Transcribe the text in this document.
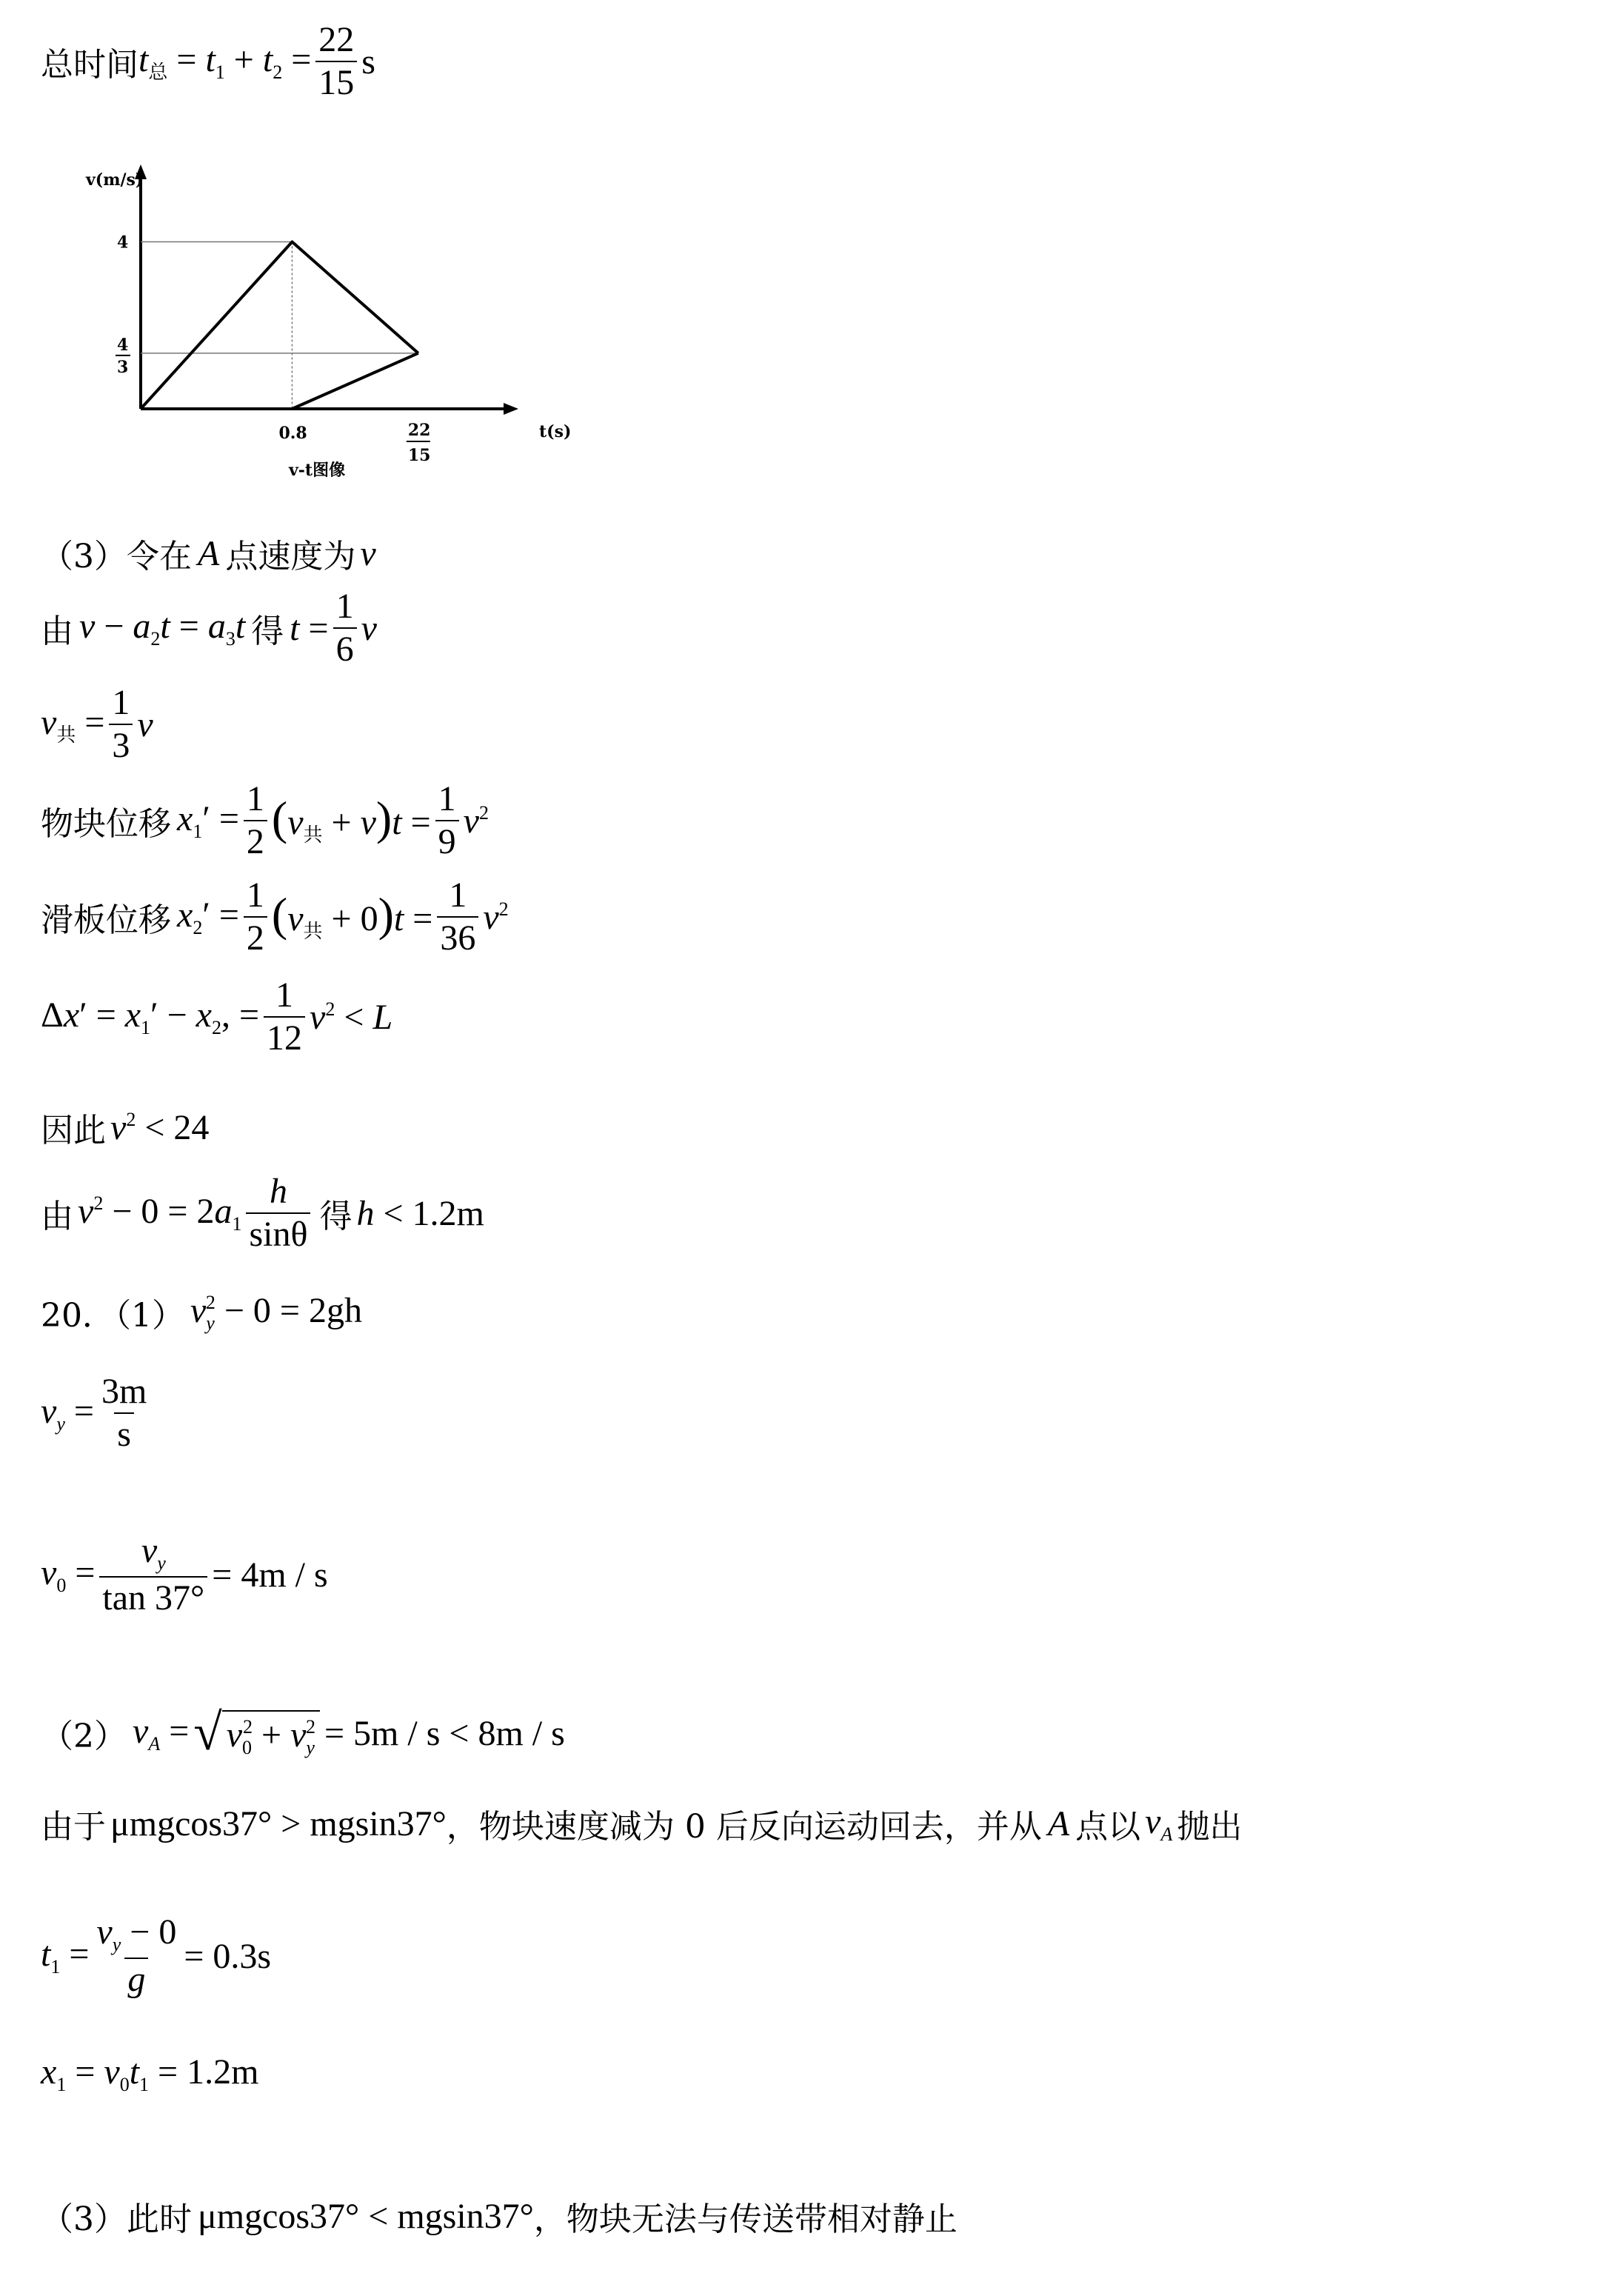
总时间 $t_总 = t_1 + t_2 = \frac{22}{15}$ s
0.8	22
15
4
4
3
v(m/s)
t(s)
v-t图像
（3）令在 A 点速度为 v
由 $v - a_2t = a_3t$ 得 $t = \frac{1}{6}$ v
$v_共 = \frac{1}{3}$ v
物块位移 $x_1' = \frac{1}{2} (v_共 + v)t = \frac{1}{9} v^2$
滑板位移 $x_2' = \frac{1}{2} (v_共 + 0)t = \frac{1}{36} v^2$
$\Delta x' = x_1' - x_2$, = $\frac{1}{12} v^2 < L$
因此 $v^2 < 24$
由 $v^2 - 0 = 2a_1 \frac{h}{\sin\theta}$ 得 h < 1.2m
20．（1） $v_y^2 - 0 = 2gh$
$v_y = \frac{3m}{s}$
$v_0 = \frac{v_y}{\tan 37^\circ} = 4m / s$
（2） $v_A$ = √ $v_0^2 + v_y^2 = 5m / s < 8m / s$
由于 μmgcos37° > mgsin37° ，物块速度减为 0 后反向运动回去，并从 A 点以 $v_A$ 抛出
$t_1 = \frac{v_y - 0}{g} = 0.3s$
$x_1 = v_0t_1 = 1.2m$
（3）此时 μmgcos37° < mgsin37° ，物块无法与传送带相对静止
